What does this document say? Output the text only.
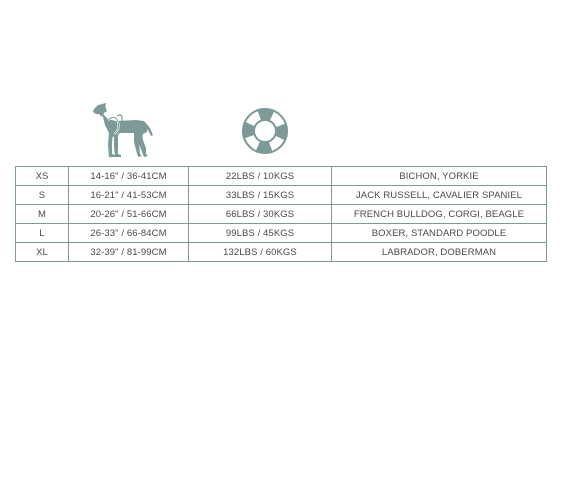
XS	14-16" / 36-41CM	22LBS / 10KGS	BICHON, YORKIE
S	16-21" / 41-53CM	33LBS / 15KGS	JACK RUSSELL, CAVALIER SPANIEL
M	20-26" / 51-66CM	66LBS / 30KGS	FRENCH BULLDOG, CORGI, BEAGLE
L	26-33" / 66-84CM	99LBS / 45KGS	BOXER, STANDARD POODLE
XL	32-39" / 81-99CM	132LBS / 60KGS	LABRADOR, DOBERMAN
